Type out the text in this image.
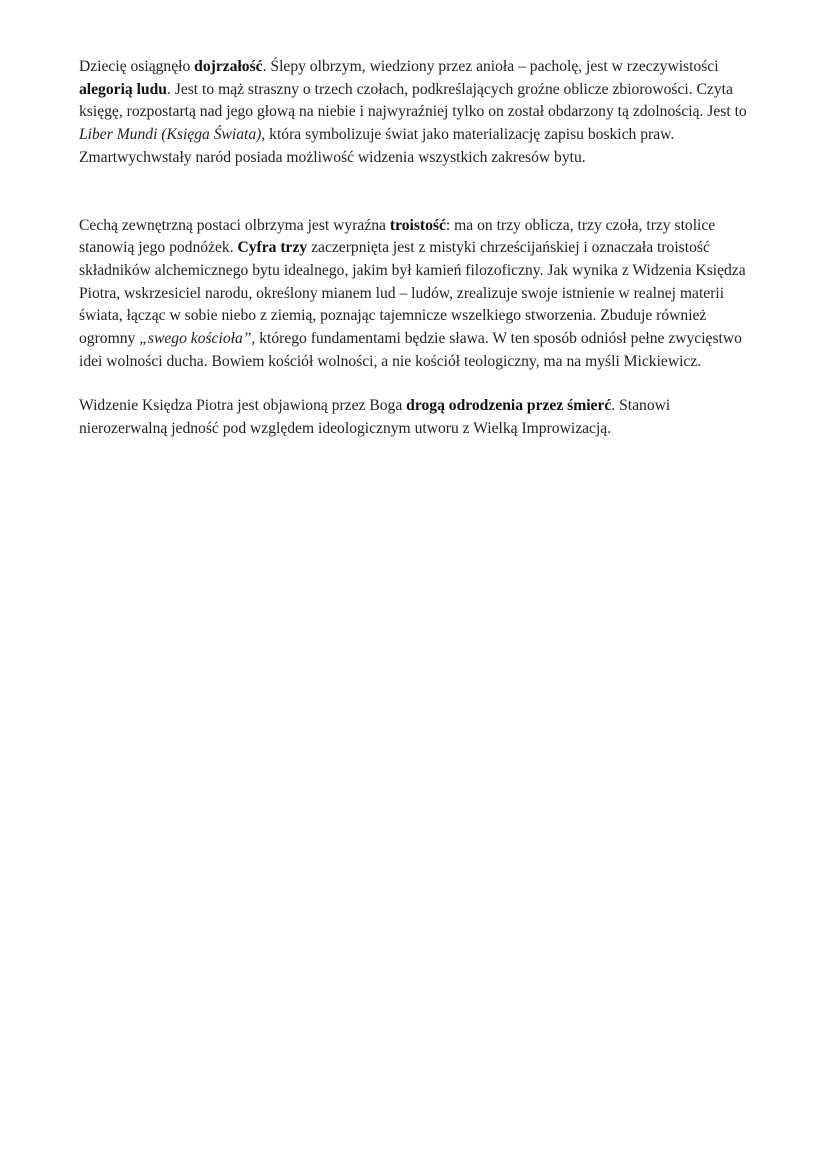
Dziecię osiągnęło dojrzałość. Ślepy olbrzym, wiedziony przez anioła – pacholę, jest w rzeczywistości alegorią ludu. Jest to mąż straszny o trzech czołach, podkreślających groźne oblicze zbiorowości. Czyta księgę, rozpostartą nad jego głową na niebie i najwyraźniej tylko on został obdarzony tą zdolnością. Jest to Liber Mundi (Księga Świata), która symbolizuje świat jako materializację zapisu boskich praw. Zmartwychwstały naród posiada możliwość widzenia wszystkich zakresów bytu.

Cechą zewnętrzną postaci olbrzyma jest wyraźna troistość: ma on trzy oblicza, trzy czoła, trzy stolice stanowią jego podnóżek. Cyfra trzy zaczerpnięta jest z mistyki chrześcijańskiej i oznaczała troistość składników alchemicznego bytu idealnego, jakim był kamień filozoficzny. Jak wynika z Widzenia Księdza Piotra, wskrzesiciel narodu, określony mianem lud – ludów, zrealizuje swoje istnienie w realnej materii świata, łącząc w sobie niebo z ziemią, poznając tajemnicze wszelkiego stworzenia. Zbuduje również ogromny „swego kościoła”, którego fundamentami będzie sława. W ten sposób odniósł pełne zwycięstwo idei wolności ducha. Bowiem kościół wolności, a nie kościół teologiczny, ma na myśli Mickiewicz.

Widzenie Księdza Piotra jest objawioną przez Boga drogą odrodzenia przez śmierć. Stanowi nierozerwalną jedność pod względem ideologicznym utworu z Wielką Improwizacją.
